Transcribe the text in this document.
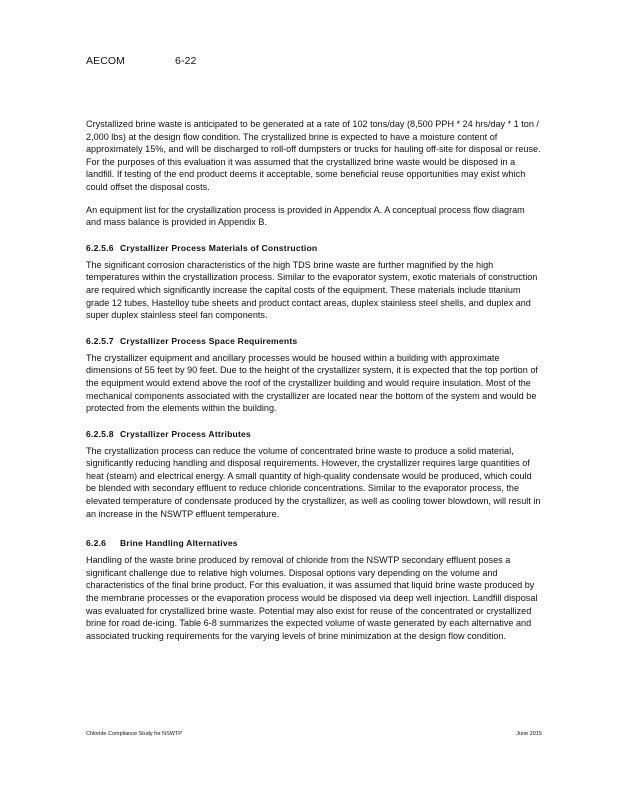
AECOM	6-22

Crystallized brine waste is anticipated to be generated at a rate of 102 tons/day (8,500 PPH * 24 hrs/day * 1 ton / 2,000 lbs) at the design flow condition. The crystallized brine is expected to have a moisture content of approximately 15%, and will be discharged to roll-off dumpsters or trucks for hauling off-site for disposal or reuse. For the purposes of this evaluation it was assumed that the crystallized brine waste would be disposed in a landfill. If testing of the end product deems it acceptable, some beneficial reuse opportunities may exist which could offset the disposal costs.

An equipment list for the crystallization process is provided in Appendix A. A conceptual process flow diagram and mass balance is provided in Appendix B.

6.2.5.6 Crystallizer Process Materials of Construction

The significant corrosion characteristics of the high TDS brine waste are further magnified by the high temperatures within the crystallization process. Similar to the evaporator system, exotic materials of construction are required which significantly increase the capital costs of the equipment. These materials include titanium grade 12 tubes, Hastelloy tube sheets and product contact areas, duplex stainless steel shells, and duplex and super duplex stainless steel fan components.

6.2.5.7 Crystallizer Process Space Requirements

The crystallizer equipment and ancillary processes would be housed within a building with approximate dimensions of 55 feet by 90 feet. Due to the height of the crystallizer system, it is expected that the top portion of the equipment would extend above the roof of the crystallizer building and would require insulation. Most of the mechanical components associated with the crystallizer are located near the bottom of the system and would be protected from the elements within the building.

6.2.5.8 Crystallizer Process Attributes

The crystallization process can reduce the volume of concentrated brine waste to produce a solid material, significantly reducing handling and disposal requirements. However, the crystallizer requires large quantities of heat (steam) and electrical energy. A small quantity of high-quality condensate would be produced, which could be blended with secondary effluent to reduce chloride concentrations. Similar to the evaporator process, the elevated temperature of condensate produced by the crystallizer, as well as cooling tower blowdown, will result in an increase in the NSWTP effluent temperature.

6.2.6 Brine Handling Alternatives

Handling of the waste brine produced by removal of chloride from the NSWTP secondary effluent poses a significant challenge due to relative high volumes. Disposal options vary depending on the volume and characteristics of the final brine product. For this evaluation, it was assumed that liquid brine waste produced by the membrane processes or the evaporation process would be disposed via deep well injection. Landfill disposal was evaluated for crystallized brine waste. Potential may also exist for reuse of the concentrated or crystallized brine for road de-icing. Table 6-8 summarizes the expected volume of waste generated by each alternative and associated trucking requirements for the varying levels of brine minimization at the design flow condition.

Chloride Compliance Study for NSWTP	June 2015
